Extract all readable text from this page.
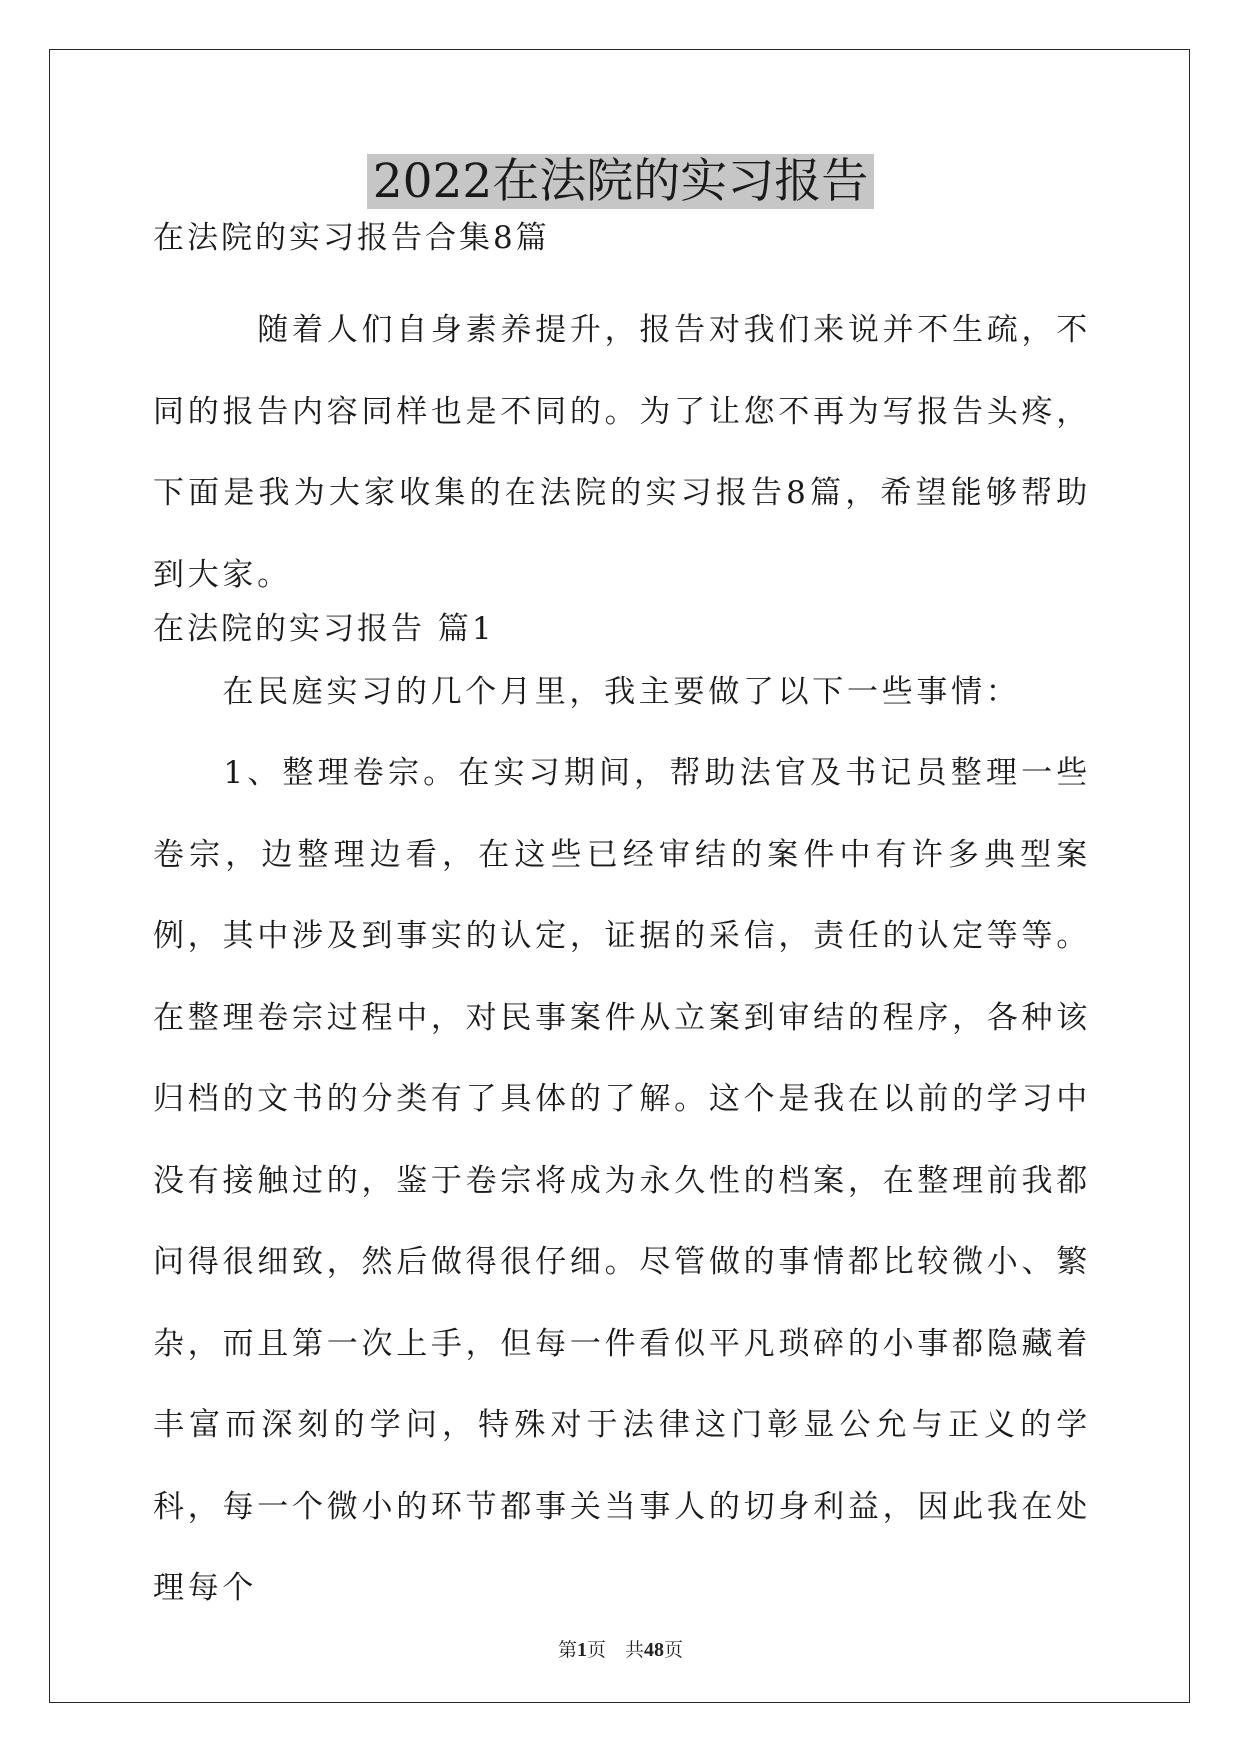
2022在法院的实习报告
在法院的实习报告合集8篇
　　　随着人们自身素养提升，报告对我们来说并不生疏，不同的报告内容同样也是不同的。为了让您不再为写报告头疼，下面是我为大家收集的在法院的实习报告8篇，希望能够帮助到大家。
在法院的实习报告 篇1
　　在民庭实习的几个月里，我主要做了以下一些事情：
　　1、整理卷宗。在实习期间，帮助法官及书记员整理一些卷宗，边整理边看，在这些已经审结的案件中有许多典型案例，其中涉及到事实的认定，证据的采信，责任的认定等等。在整理卷宗过程中，对民事案件从立案到审结的程序，各种该归档的文书的分类有了具体的了解。这个是我在以前的学习中没有接触过的，鉴于卷宗将成为永久性的档案，在整理前我都问得很细致，然后做得很仔细。尽管做的事情都比较微小、繁杂，而且第一次上手，但每一件看似平凡琐碎的小事都隐藏着丰富而深刻的学问，特殊对于法律这门彰显公允与正义的学科，每一个微小的环节都事关当事人的切身利益，因此我在处理每个
第1页　共48页
